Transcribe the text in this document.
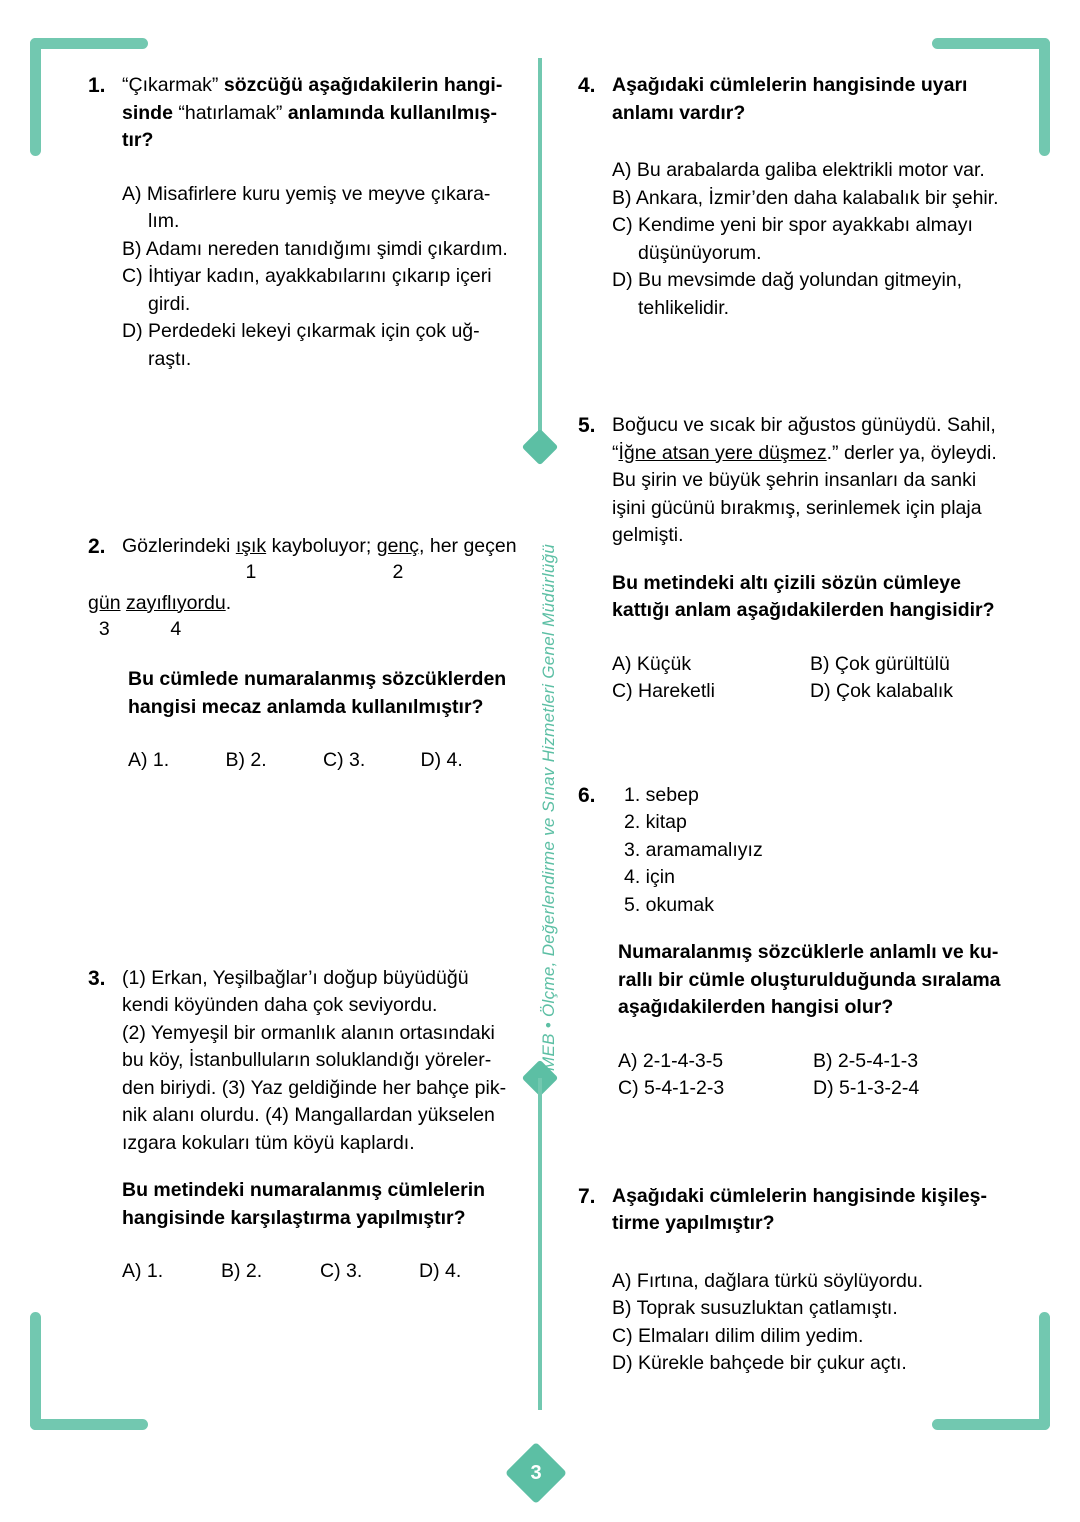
MEB • Ölçme, Değerlendirme ve Sınav Hizmetleri Genel Müdürlüğü
3
1. “Çıkarmak” sözcüğü aşağıdakilerin hangi- sinde “hatırlamak” anlamında kullanılmış- tır?
A) Misafirlere kuru yemiş ve meyve çıkara-lım.
B) Adamı nereden tanıdığımı şimdi çıkardım.
C) İhtiyar kadın, ayakkabılarını çıkarıp içeri girdi.
D) Perdedeki lekeyi çıkarmak için çok uğ-raştı.
2. Gözlerindeki ışık
1
kayboluyor; genç
2
, her geçen
gün
3
zayıflıyordu
4
.
Bu cümlede numaralanmış sözcüklerden
hangisi mecaz anlamda kullanılmıştır?
A) 1.	B) 2.	C) 3.	D) 4.
3. (1) Erkan, Yeşilbağlar’ı doğup büyüdüğü
kendi köyünden daha çok seviyordu.
(2) Yemyeşil bir ormanlık alanın ortasındaki
bu köy, İstanbulluların soluklandığı yöreler-
den biriydi. (3) Yaz geldiğinde her bahçe pik-
nik alanı olurdu. (4) Mangallardan yükselen
ızgara kokuları tüm köyü kaplardı.
Bu metindeki numaralanmış cümlelerin
hangisinde karşılaştırma yapılmıştır?
A) 1.	B) 2.	C) 3.	D) 4.
4. Aşağıdaki cümlelerin hangisinde uyarı
anlamı vardır?
A) Bu arabalarda galiba elektrikli motor var.
B) Ankara, İzmir’den daha kalabalık bir şehir.
C) Kendime yeni bir spor ayakkabı almayı düşünüyorum.
D) Bu mevsimde dağ yolundan gitmeyin, tehlikelidir.
5. Boğucu ve sıcak bir ağustos günüydü. Sahil, “İğne atsan yere düşmez.” derler ya, öyleydi. Bu şirin ve büyük şehrin insanları da sanki işini gücünü bırakmış, serinlemek için plaja gelmişti.
Bu metindeki altı çizili sözün cümleye
kattığı anlam aşağıdakilerden hangisidir?
A) Küçük	B) Çok gürültülü
C) Hareketli	D) Çok kalabalık
6.	1. sebep
2. kitap
3. aramamalıyız
4. için
5. okumak
Numaralanmış sözcüklerle anlamlı ve ku-
rallı bir cümle oluşturulduğunda sıralama
aşağıdakilerden hangisi olur?
A) 2-1-4-3-5	B) 2-5-4-1-3
C) 5-4-1-2-3	D) 5-1-3-2-4
7. Aşağıdaki cümlelerin hangisinde kişileş-
tirme yapılmıştır?
A) Fırtına, dağlara türkü söylüyordu.
B) Toprak susuzluktan çatlamıştı.
C) Elmaları dilim dilim yedim.
D) Kürekle bahçede bir çukur açtı.
